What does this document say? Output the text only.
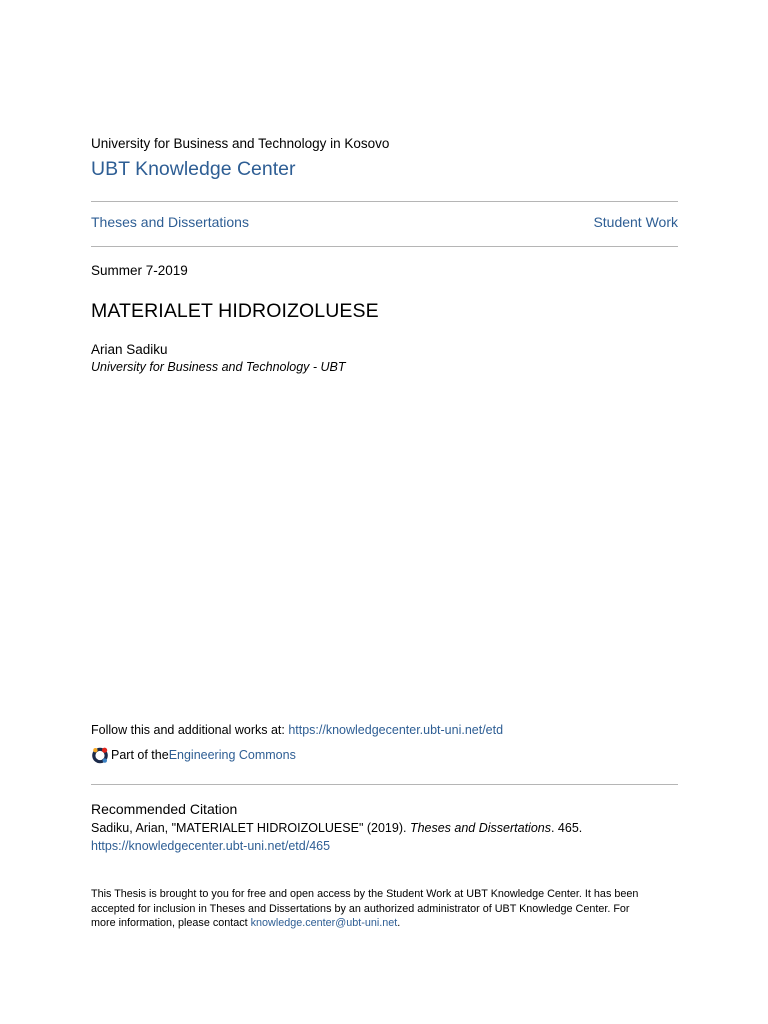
University for Business and Technology in Kosovo
UBT Knowledge Center
Theses and Dissertations	Student Work
Summer 7-2019
MATERIALET HIDROIZOLUESE
Arian Sadiku
University for Business and Technology - UBT
Follow this and additional works at: https://knowledgecenter.ubt-uni.net/etd
Part of the Engineering Commons
Recommended Citation
Sadiku, Arian, "MATERIALET HIDROIZOLUESE" (2019). Theses and Dissertations. 465.
https://knowledgecenter.ubt-uni.net/etd/465
This Thesis is brought to you for free and open access by the Student Work at UBT Knowledge Center. It has been
accepted for inclusion in Theses and Dissertations by an authorized administrator of UBT Knowledge Center. For
more information, please contact knowledge.center@ubt-uni.net.
